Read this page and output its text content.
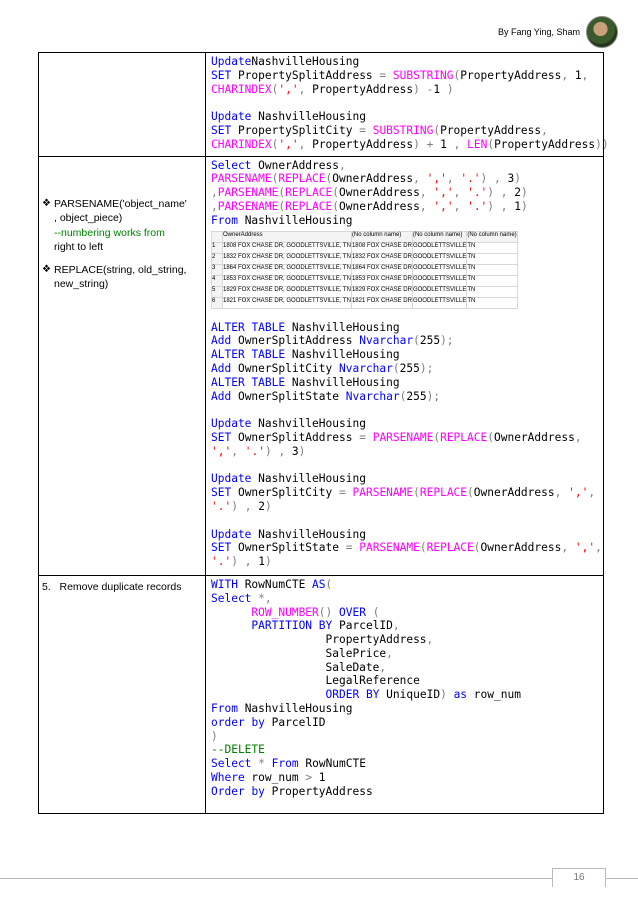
By Fang Ying, Sham

UpdateNashvilleHousing
SET PropertySplitAddress = SUBSTRING(PropertyAddress, 1,
CHARINDEX(',', PropertyAddress) -1 )

Update NashvilleHousing
SET PropertySplitCity = SUBSTRING(PropertyAddress,
CHARINDEX(',', PropertyAddress) + 1 , LEN(PropertyAddress))

❖ PARSENAME('object_name'
, object_piece)
--numbering works from
right to left
❖ REPLACE(string, old_string,
new_string)

Select OwnerAddress,
PARSENAME(REPLACE(OwnerAddress, ',', '.') , 3)
,PARSENAME(REPLACE(OwnerAddress, ',', '.') , 2)
,PARSENAME(REPLACE(OwnerAddress, ',', '.') , 1)
From NashvilleHousing
	OwnerAddress	(No column name)	(No column name)	(No column name)
1	1808 FOX CHASE DR, GOODLETTSVILLE, TN	1808 FOX CHASE DR	GOODLETTSVILLE	TN
2	1832 FOX CHASE DR, GOODLETTSVILLE, TN	1832 FOX CHASE DR	GOODLETTSVILLE	TN
3	1864 FOX CHASE DR, GOODLETTSVILLE, TN	1864 FOX CHASE DR	GOODLETTSVILLE	TN
4	1853 FOX CHASE DR, GOODLETTSVILLE, TN	1853 FOX CHASE DR	GOODLETTSVILLE	TN
5	1829 FOX CHASE DR, GOODLETTSVILLE, TN	1829 FOX CHASE DR	GOODLETTSVILLE	TN
6	1821 FOX CHASE DR, GOODLETTSVILLE, TN	1821 FOX CHASE DR	GOODLETTSVILLE	TN
ALTER TABLE NashvilleHousing
Add OwnerSplitAddress Nvarchar(255);
ALTER TABLE NashvilleHousing
Add OwnerSplitCity Nvarchar(255);
ALTER TABLE NashvilleHousing
Add OwnerSplitState Nvarchar(255);

Update NashvilleHousing
SET OwnerSplitAddress = PARSENAME(REPLACE(OwnerAddress,
',', '.') , 3)

Update NashvilleHousing
SET OwnerSplitCity = PARSENAME(REPLACE(OwnerAddress, ',',
'.') , 2)

Update NashvilleHousing
SET OwnerSplitState = PARSENAME(REPLACE(OwnerAddress, ',',
'.') , 1)

5.   Remove duplicate records	WITH RowNumCTE AS(
Select *,
ROW_NUMBER() OVER (
PARTITION BY ParcelID,
PropertyAddress,
SalePrice,
SaleDate,
LegalReference
ORDER BY UniqueID) as row_num
From NashvilleHousing
order by ParcelID
)
--DELETE
Select * From RowNumCTE
Where row_num > 1
Order by PropertyAddress
16
